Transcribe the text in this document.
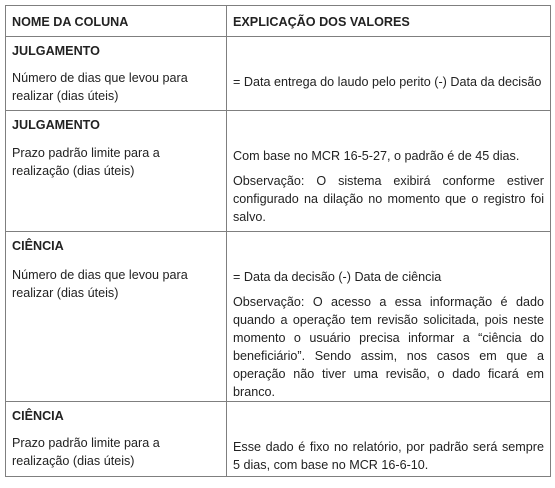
NOME DA COLUNA	EXPLICAÇÃO DOS VALORES

JULGAMENTO
Número de dias que levou para realizar (dias úteis)	= Data entrega do laudo pelo perito (-) Data da decisão

JULGAMENTO
Prazo padrão limite para a realização (dias úteis)	Com base no MCR 16-5-27, o padrão é de 45 dias.
Observação: O sistema exibirá conforme estiver configurado na dilação no momento que o registro foi salvo.

CIÊNCIA
Número de dias que levou para realizar (dias úteis)	= Data da decisão (-) Data de ciência
Observação: O acesso a essa informação é dado quando a operação tem revisão solicitada, pois neste momento o usuário precisa informar a “ciência do beneficiário”. Sendo assim, nos casos em que a operação não tiver uma revisão, o dado ficará em branco.

CIÊNCIA
Prazo padrão limite para a realização (dias úteis)	Esse dado é fixo no relatório, por padrão será sempre 5 dias, com base no MCR 16-6-10.
